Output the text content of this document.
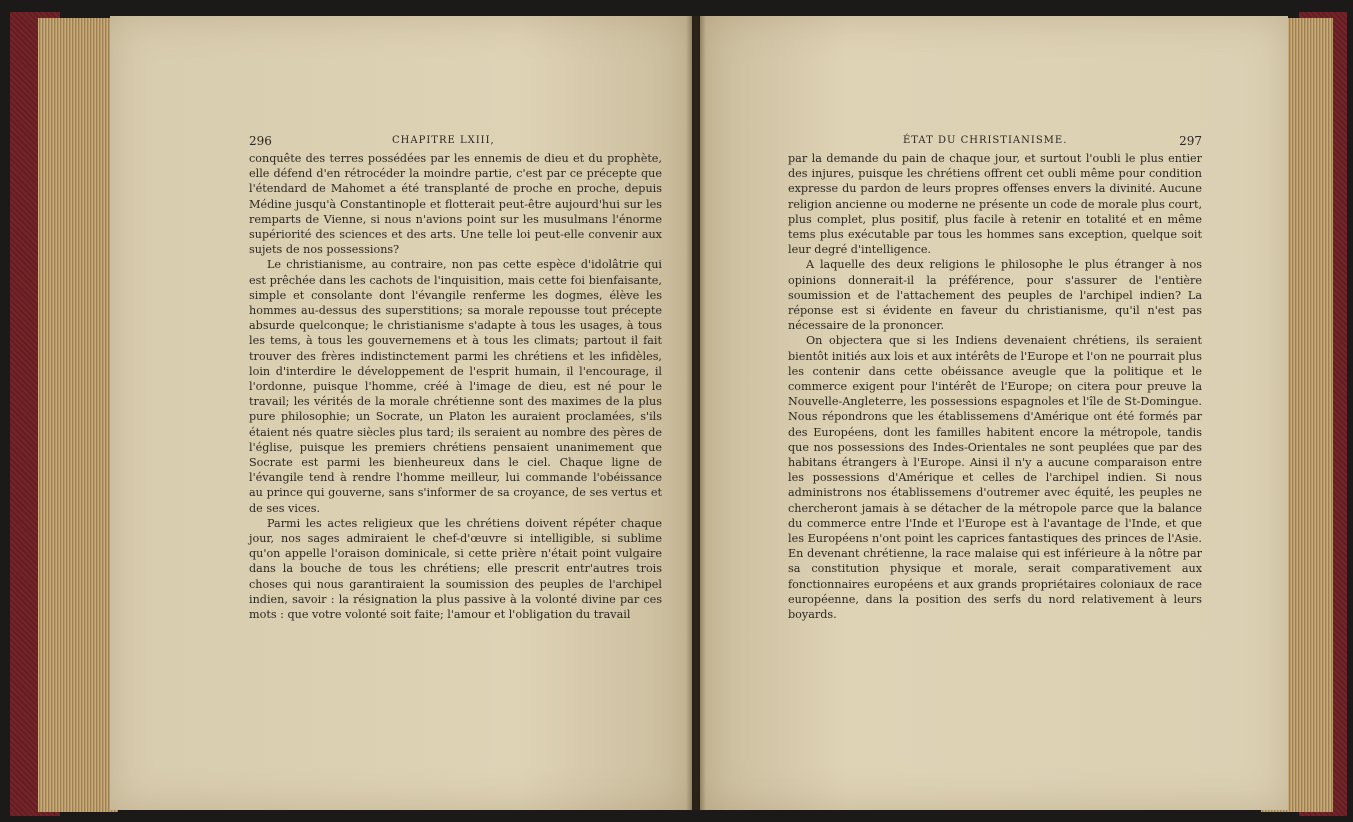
296	CHAPITRE LXIII,

conquête des terres possédées par les ennemis de dieu et du prophète, elle défend d'en rétrocéder la moindre partie, c'est par ce précepte que l'étendard de Mahomet a été transplanté de proche en proche, depuis Médine jusqu'à Constantinople et flotterait peut-être aujourd'hui sur les remparts de Vienne, si nous n'avions point sur les musulmans l'énorme supériorité des sciences et des arts. Une telle loi peut-elle convenir aux sujets de nos possessions?

Le christianisme, au contraire, non pas cette espèce d'idolâtrie qui est prêchée dans les cachots de l'inquisition, mais cette foi bienfaisante, simple et consolante dont l'évangile renferme les dogmes, élève les hommes au-dessus des superstitions; sa morale repousse tout précepte absurde quelconque; le christianisme s'adapte à tous les usages, à tous les tems, à tous les gouvernemens et à tous les climats; partout il fait trouver des frères indistinctement parmi les chrétiens et les infidèles, loin d'interdire le développement de l'esprit humain, il l'encourage, il l'ordonne, puisque l'homme, créé à l'image de dieu, est né pour le travail; les vérités de la morale chrétienne sont des maximes de la plus pure philosophie; un Socrate, un Platon les auraient proclamées, s'ils étaient nés quatre siècles plus tard; ils seraient au nombre des pères de l'église, puisque les premiers chrétiens pensaient unanimement que Socrate est parmi les bienheureux dans le ciel. Chaque ligne de l'évangile tend à rendre l'homme meilleur, lui commande l'obéissance au prince qui gouverne, sans s'informer de sa croyance, de ses vertus et de ses vices.

Parmi les actes religieux que les chrétiens doivent répéter chaque jour, nos sages admiraient le chef-d'œuvre si intelligible, si sublime qu'on appelle l'oraison dominicale, si cette prière n'était point vulgaire dans la bouche de tous les chrétiens; elle prescrit entr'autres trois choses qui nous garantiraient la soumission des peuples de l'archipel indien, savoir : la résignation la plus passive à la volonté divine par ces mots : que votre volonté soit faite; l'amour et l'obligation du travail

ÉTAT DU CHRISTIANISME.	297

par la demande du pain de chaque jour, et surtout l'oubli le plus entier des injures, puisque les chrétiens offrent cet oubli même pour condition expresse du pardon de leurs propres offenses envers la divinité. Aucune religion ancienne ou moderne ne présente un code de morale plus court, plus complet, plus positif, plus facile à retenir en totalité et en même tems plus exécutable par tous les hommes sans exception, quelque soit leur degré d'intelligence.

A laquelle des deux religions le philosophe le plus étranger à nos opinions donnerait-il la préférence, pour s'assurer de l'entière soumission et de l'attachement des peuples de l'archipel indien? La réponse est si évidente en faveur du christianisme, qu'il n'est pas nécessaire de la prononcer.

On objectera que si les Indiens devenaient chrétiens, ils seraient bientôt initiés aux lois et aux intérêts de l'Europe et l'on ne pourrait plus les contenir dans cette obéissance aveugle que la politique et le commerce exigent pour l'intérêt de l'Europe; on citera pour preuve la Nouvelle-Angleterre, les possessions espagnoles et l'île de St-Domingue. Nous répondrons que les établissemens d'Amérique ont été formés par des Européens, dont les familles habitent encore la métropole, tandis que nos possessions des Indes-Orientales ne sont peuplées que par des habitans étrangers à l'Europe. Ainsi il n'y a aucune comparaison entre les possessions d'Amérique et celles de l'archipel indien. Si nous administrons nos établissemens d'outremer avec équité, les peuples ne chercheront jamais à se détacher de la métropole parce que la balance du commerce entre l'Inde et l'Europe est à l'avantage de l'Inde, et que les Européens n'ont point les caprices fantastiques des princes de l'Asie. En devenant chrétienne, la race malaise qui est inférieure à la nôtre par sa constitution physique et morale, serait comparativement aux fonctionnaires européens et aux grands propriétaires coloniaux de race européenne, dans la position des serfs du nord relativement à leurs boyards.
